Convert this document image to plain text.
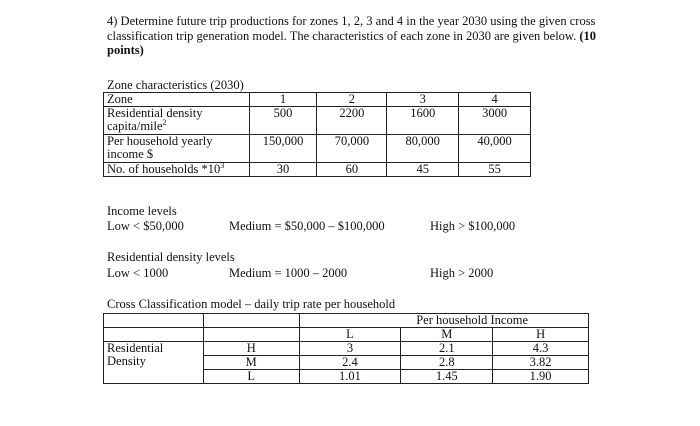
4) Determine future trip productions for zones 1, 2, 3 and 4 in the year 2030 using the given cross classification trip generation model. The characteristics of each zone in 2030 are given below. (10 points)
Zone characteristics (2030)
Zone	1	2	3	4
Residential density capita/mile$^2$	500	2200	1600	3000
Per household yearly income $	150,000	70,000	80,000	40,000
No. of households $*10^3$	30	60	45	55
Income levels
Low < $50,000	Medium = $50,000 – $100,000	High > $100,000
Residential density levels
Low < 1000	Medium = 1000 – 2000	High > 2000
Cross Classification model – daily trip rate per household
		Per household Income		
		L	M	H
Residential Density	H	3	2.1	4.3
	M	2.4	2.8	3.82
	L	1.01	1.45	1.90
